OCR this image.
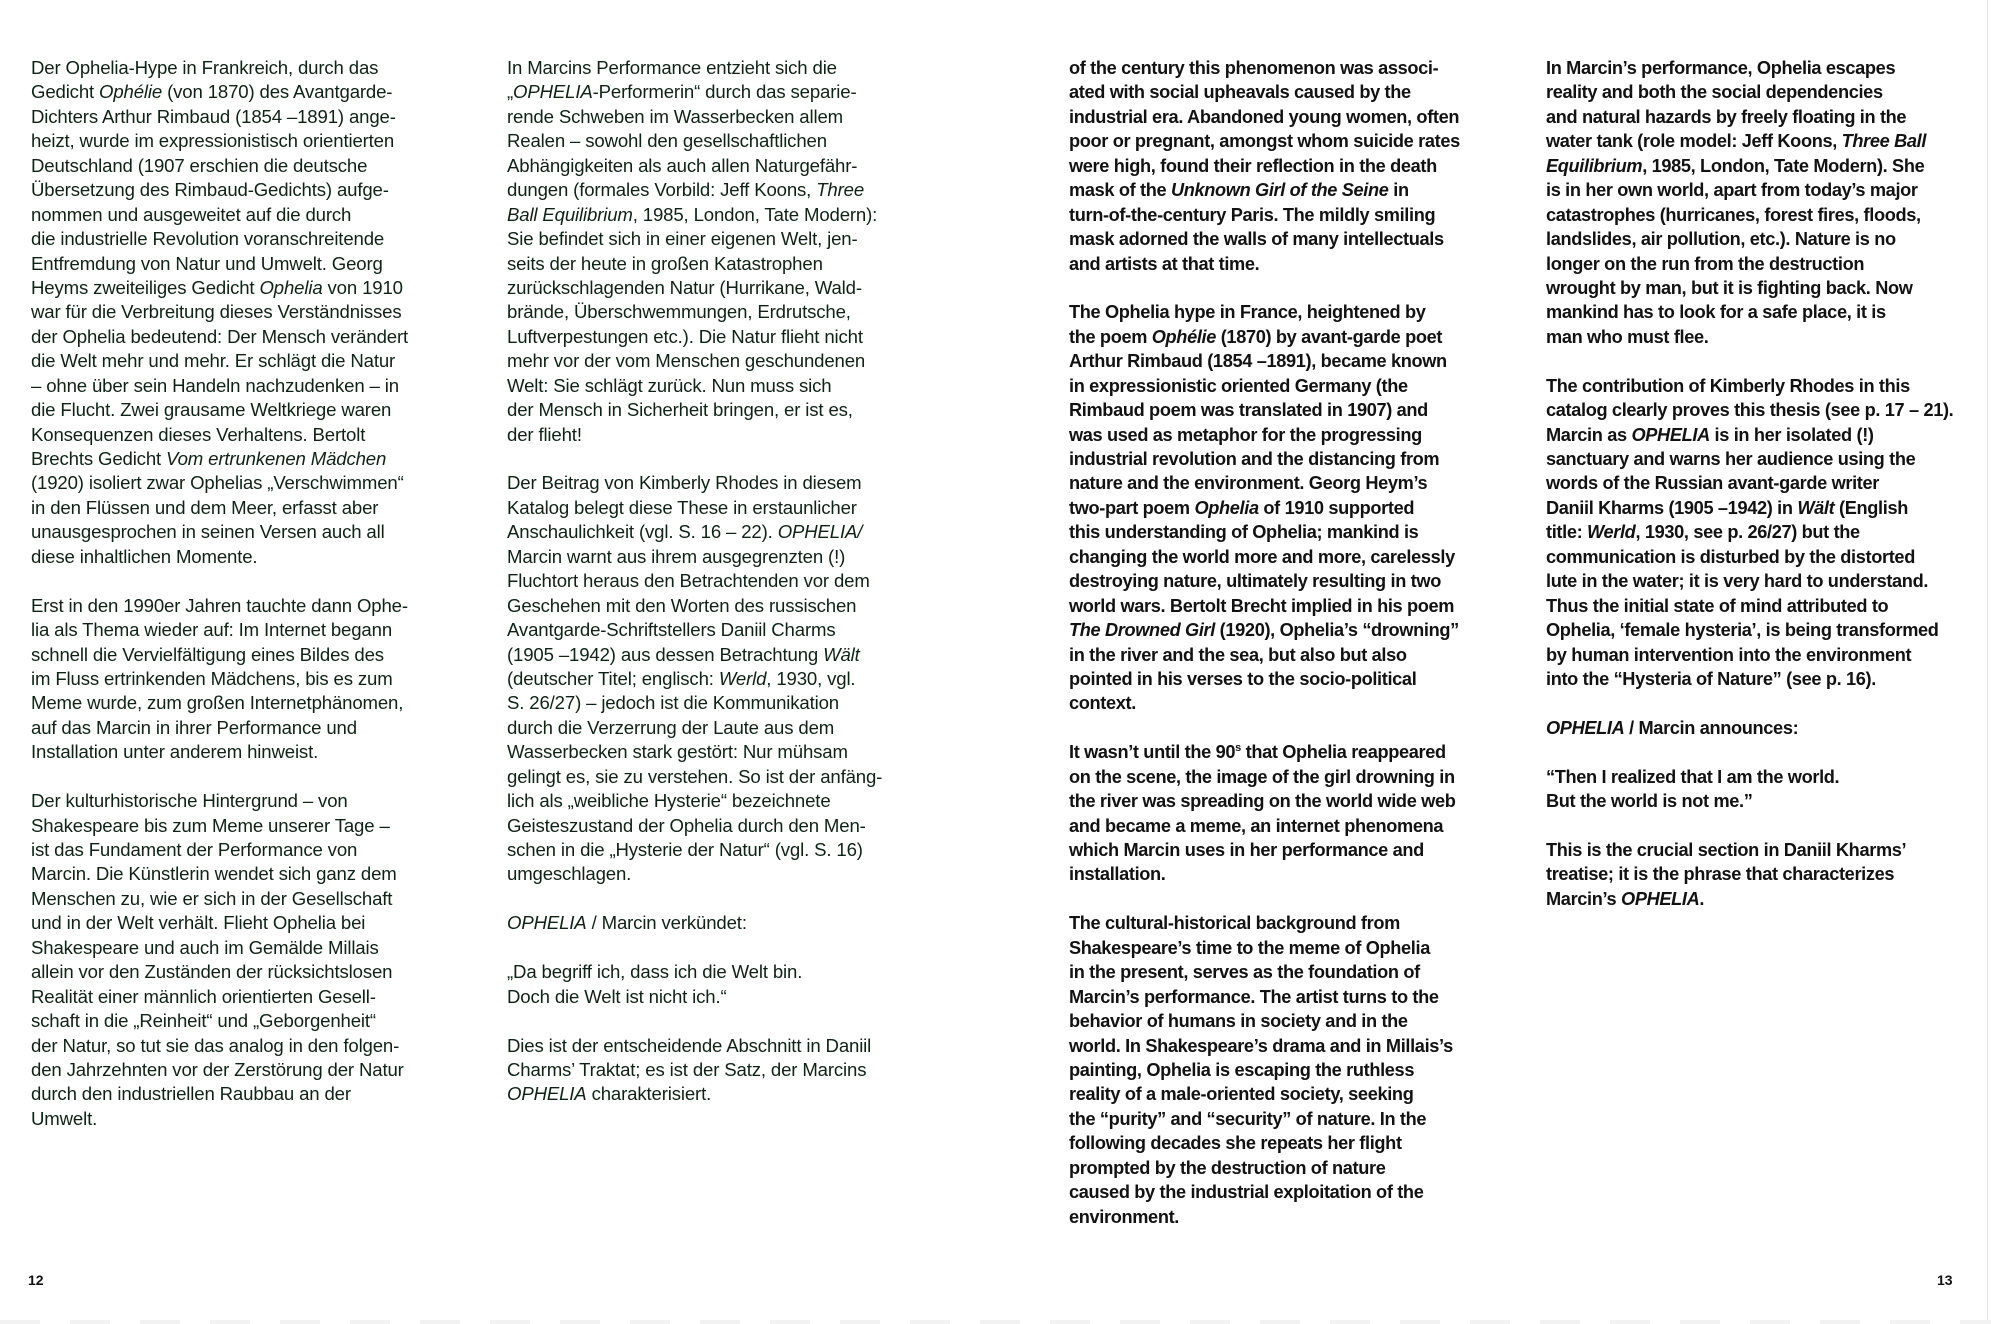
Der Ophelia-Hype in Frankreich, durch das
Gedicht Ophélie (von 1870) des Avantgarde-
Dichters Arthur Rimbaud (1854 –1891) ange-
heizt, wurde im expressionistisch orientierten
Deutschland (1907 erschien die deutsche
Übersetzung des Rimbaud-Gedichts) aufge-
nommen und ausgeweitet auf die durch
die industrielle Revolution voranschreitende
Entfremdung von Natur und Umwelt. Georg
Heyms zweiteiliges Gedicht Ophelia von 1910
war für die Verbreitung dieses Verständnisses
der Ophelia bedeutend: Der Mensch verändert
die Welt mehr und mehr. Er schlägt die Natur
– ohne über sein Handeln nachzudenken – in
die Flucht. Zwei grausame Weltkriege waren
Konsequenzen dieses Verhaltens. Bertolt
Brechts Gedicht Vom ertrunkenen Mädchen
(1920) isoliert zwar Ophelias „Verschwimmen“
in den Flüssen und dem Meer, erfasst aber
unausgesprochen in seinen Versen auch all
diese inhaltlichen Momente.
Erst in den 1990er Jahren tauchte dann Ophe-
lia als Thema wieder auf: Im Internet begann
schnell die Vervielfältigung eines Bildes des
im Fluss ertrinkenden Mädchens, bis es zum
Meme wurde, zum großen Internetphänomen,
auf das Marcin in ihrer Performance und
Installation unter anderem hinweist.
Der kulturhistorische Hintergrund – von
Shakespeare bis zum Meme unserer Tage –
ist das Fundament der Performance von
Marcin. Die Künstlerin wendet sich ganz dem
Menschen zu, wie er sich in der Gesellschaft
und in der Welt verhält. Flieht Ophelia bei
Shakespeare und auch im Gemälde Millais
allein vor den Zuständen der rücksichtslosen
Realität einer männlich orientierten Gesell-
schaft in die „Reinheit“ und „Geborgenheit“
der Natur, so tut sie das analog in den folgen-
den Jahrzehnten vor der Zerstörung der Natur
durch den industriellen Raubbau an der
Umwelt.
In Marcins Performance entzieht sich die
„OPHELIA-Performerin“ durch das separie-
rende Schweben im Wasserbecken allem
Realen – sowohl den gesellschaftlichen
Abhängigkeiten als auch allen Naturgefähr-
dungen (formales Vorbild: Jeff Koons, Three
Ball Equilibrium, 1985, London, Tate Modern):
Sie befindet sich in einer eigenen Welt, jen-
seits der heute in großen Katastrophen
zurückschlagenden Natur (Hurrikane, Wald-
brände, Überschwemmungen, Erdrutsche,
Luftverpestungen etc.). Die Natur flieht nicht
mehr vor der vom Menschen geschundenen
Welt: Sie schlägt zurück. Nun muss sich
der Mensch in Sicherheit bringen, er ist es,
der flieht!
Der Beitrag von Kimberly Rhodes in diesem
Katalog belegt diese These in erstaunlicher
Anschaulichkeit (vgl. S. 16 – 22). OPHELIA/
Marcin warnt aus ihrem ausgegrenzten (!)
Fluchtort heraus den Betrachtenden vor dem
Geschehen mit den Worten des russischen
Avantgarde-Schriftstellers Daniil Charms
(1905 –1942) aus dessen Betrachtung Wält
(deutscher Titel; englisch: Werld, 1930, vgl.
S. 26/27) – jedoch ist die Kommunikation
durch die Verzerrung der Laute aus dem
Wasserbecken stark gestört: Nur mühsam
gelingt es, sie zu verstehen. So ist der anfäng-
lich als „weibliche Hysterie“ bezeichnete
Geisteszustand der Ophelia durch den Men-
schen in die „Hysterie der Natur“ (vgl. S. 16)
umgeschlagen.
OPHELIA / Marcin verkündet:
„Da begriff ich, dass ich die Welt bin.
Doch die Welt ist nicht ich.“
Dies ist der entscheidende Abschnitt in Daniil
Charms’ Traktat; es ist der Satz, der Marcins
OPHELIA charakterisiert.
12
of the century this phenomenon was associ-
ated with social upheavals caused by the
industrial era. Abandoned young women, often
poor or pregnant, amongst whom suicide rates
were high, found their reflection in the death
mask of the Unknown Girl of the Seine in
turn-of-the-century Paris. The mildly smiling
mask adorned the walls of many intellectuals
and artists at that time.
The Ophelia hype in France, heightened by
the poem Ophélie (1870) by avant-garde poet
Arthur Rimbaud (1854 –1891), became known
in expressionistic oriented Germany (the
Rimbaud poem was translated in 1907) and
was used as metaphor for the progressing
industrial revolution and the distancing from
nature and the environment. Georg Heym’s
two-part poem Ophelia of 1910 supported
this understanding of Ophelia; mankind is
changing the world more and more, carelessly
destroying nature, ultimately resulting in two
world wars. Bertolt Brecht implied in his poem
The Drowned Girl (1920), Ophelia’s “drowning”
in the river and the sea, but also but also
pointed in his verses to the socio-political
context.
It wasn’t until the 90$^s$ that Ophelia reappeared
on the scene, the image of the girl drowning in
the river was spreading on the world wide web
and became a meme, an internet phenomena
which Marcin uses in her performance and
installation.
The cultural-historical background from
Shakespeare’s time to the meme of Ophelia
in the present, serves as the foundation of
Marcin’s performance. The artist turns to the
behavior of humans in society and in the
world. In Shakespeare’s drama and in Millais’s
painting, Ophelia is escaping the ruthless
reality of a male-oriented society, seeking
the “purity” and “security” of nature. In the
following decades she repeats her flight
prompted by the destruction of nature
caused by the industrial exploitation of the
environment.
In Marcin’s performance, Ophelia escapes
reality and both the social dependencies
and natural hazards by freely floating in the
water tank (role model: Jeff Koons, Three Ball
Equilibrium, 1985, London, Tate Modern). She
is in her own world, apart from today’s major
catastrophes (hurricanes, forest fires, floods,
landslides, air pollution, etc.). Nature is no
longer on the run from the destruction
wrought by man, but it is fighting back. Now
mankind has to look for a safe place, it is
man who must flee.
The contribution of Kimberly Rhodes in this
catalog clearly proves this thesis (see p. 17 – 21).
Marcin as OPHELIA is in her isolated (!)
sanctuary and warns her audience using the
words of the Russian avant-garde writer
Daniil Kharms (1905 –1942) in Wält (English
title: Werld, 1930, see p. 26/27) but the
communication is disturbed by the distorted
lute in the water; it is very hard to understand.
Thus the initial state of mind attributed to
Ophelia, ‘female hysteria’, is being transformed
by human intervention into the environment
into the “Hysteria of Nature” (see p. 16).
OPHELIA / Marcin announces:
“Then I realized that I am the world.
But the world is not me.”
This is the crucial section in Daniil Kharms’
treatise; it is the phrase that characterizes
Marcin’s OPHELIA.
13
